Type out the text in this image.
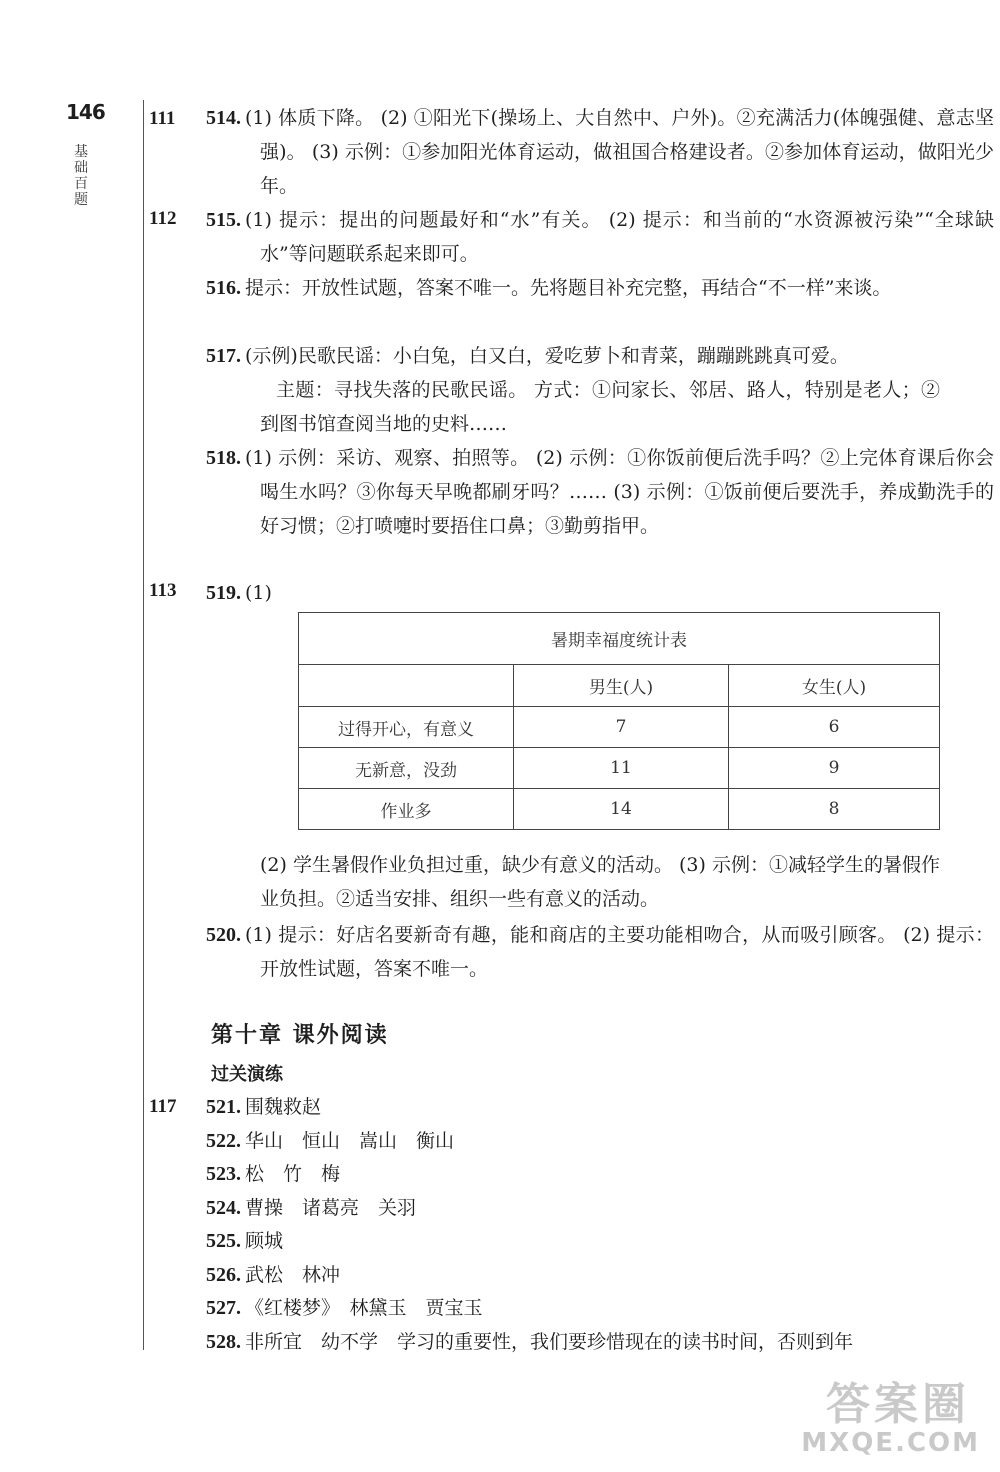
146
基础百题
111
112
113
117
514. (1) 体质下降。 (2) ①阳光下(操场上、大自然中、户外)。②充满活力(体魄强健、意志坚强)。 (3) 示例：①参加阳光体育运动，做祖国合格建设者。②参加体育运动，做阳光少年。
515. (1) 提示：提出的问题最好和“水”有关。 (2) 提示：和当前的“水资源被污染”“全球缺水”等问题联系起来即可。
516. 提示：开放性试题，答案不唯一。先将题目补充完整，再结合“不一样”来谈。
517. (示例)民歌民谣：小白兔，白又白，爱吃萝卜和青菜，蹦蹦跳跳真可爱。
主题：寻找失落的民歌民谣。 方式：①问家长、邻居、路人，特别是老人；②到图书馆查阅当地的史料……
518. (1) 示例：采访、观察、拍照等。 (2) 示例：①你饭前便后洗手吗？②上完体育课后你会喝生水吗？③你每天早晚都刷牙吗？…… (3) 示例：①饭前便后要洗手，养成勤洗手的好习惯；②打喷嚏时要捂住口鼻；③勤剪指甲。
519. (1)
暑期幸福度统计表		
	男生(人)	女生(人)
过得开心，有意义	7	6
无新意，没劲	11	9
作业多	14	8
(2) 学生暑假作业负担过重，缺少有意义的活动。 (3) 示例：①减轻学生的暑假作业负担。②适当安排、组织一些有意义的活动。
520. (1) 提示：好店名要新奇有趣，能和商店的主要功能相吻合，从而吸引顾客。 (2) 提示：开放性试题，答案不唯一。
第十章 课外阅读
过关演练
521. 围魏救赵
522. 华山　恒山　嵩山　衡山
523. 松　竹　梅
524. 曹操　诸葛亮　关羽
525. 顾城
526. 武松　林冲
527. 《红楼梦》　林黛玉　贾宝玉
528. 非所宜　幼不学　学习的重要性，我们要珍惜现在的读书时间，否则到年
答案圈
MXQE.COM
